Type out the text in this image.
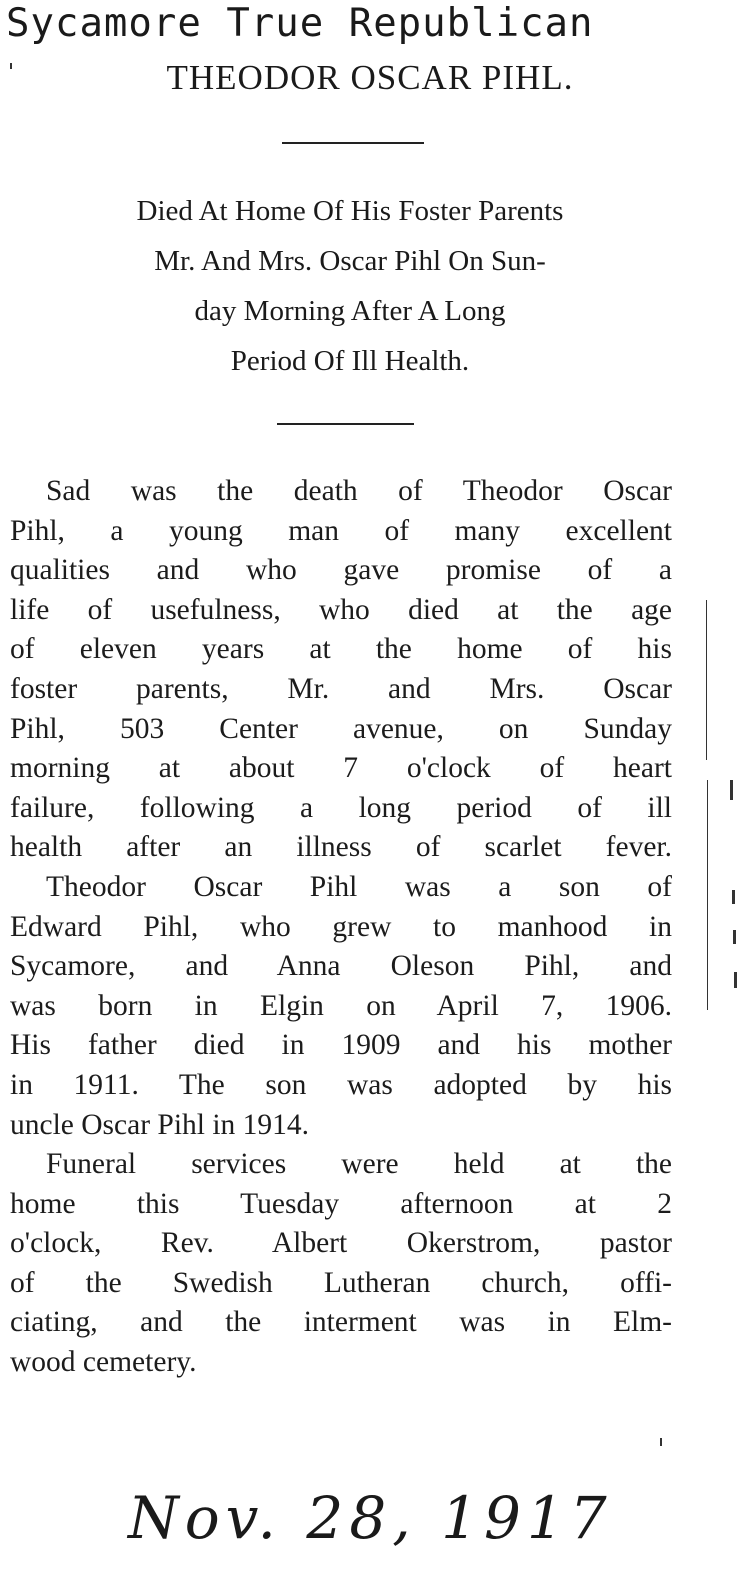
Sycamore True Republican
THEODOR OSCAR PIHL.
Died At Home Of His Foster Parents
Mr. And Mrs. Oscar Pihl On Sun-
day Morning After A Long
Period Of Ill Health.
Sad was the death of Theodor Oscar
Pihl, a young man of many excellent
qualities and who gave promise of a
life of usefulness, who died at the age
of eleven years at the home of his
foster parents, Mr. and Mrs. Oscar
Pihl, 503 Center avenue, on Sunday
morning at about 7 o'clock of heart
failure, following a long period of ill
health after an illness of scarlet fever.
Theodor Oscar Pihl was a son of
Edward Pihl, who grew to manhood in
Sycamore, and Anna Oleson Pihl, and
was born in Elgin on April 7, 1906.
His father died in 1909 and his mother
in 1911. The son was adopted by his
uncle Oscar Pihl in 1914.
Funeral services were held at the
home this Tuesday afternoon at 2
o'clock, Rev. Albert Okerstrom, pastor
of the Swedish Lutheran church, offi-
ciating, and the interment was in Elm-
wood cemetery.
Nov. 28, 1917
